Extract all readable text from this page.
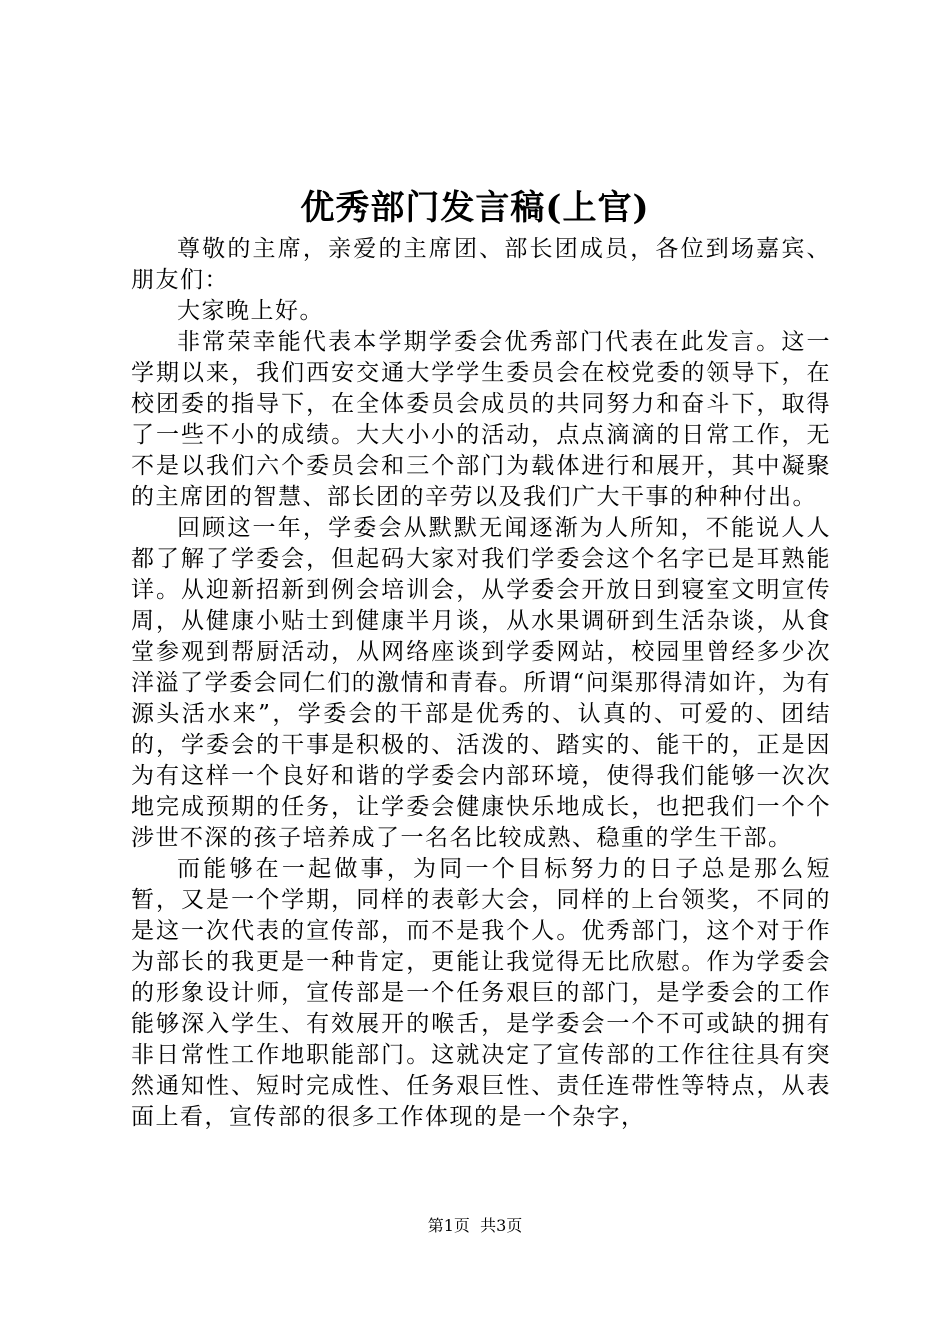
优秀部门发言稿(上官)

尊敬的主席，亲爱的主席团、部长团成员，各位到场嘉宾、朋友们：

大家晚上好。

非常荣幸能代表本学期学委会优秀部门代表在此发言。这一学期以来，我们西安交通大学学生委员会在校党委的领导下，在校团委的指导下，在全体委员会成员的共同努力和奋斗下，取得了一些不小的成绩。大大小小的活动，点点滴滴的日常工作，无不是以我们六个委员会和三个部门为载体进行和展开，其中凝聚的主席团的智慧、部长团的辛劳以及我们广大干事的种种付出。

回顾这一年，学委会从默默无闻逐渐为人所知，不能说人人都了解了学委会，但起码大家对我们学委会这个名字已是耳熟能详。从迎新招新到例会培训会，从学委会开放日到寝室文明宣传周，从健康小贴士到健康半月谈，从水果调研到生活杂谈，从食堂参观到帮厨活动，从网络座谈到学委网站，校园里曾经多少次洋溢了学委会同仁们的激情和青春。所谓“问渠那得清如许，为有源头活水来”，学委会的干部是优秀的、认真的、可爱的、团结的，学委会的干事是积极的、活泼的、踏实的、能干的，正是因为有这样一个良好和谐的学委会内部环境，使得我们能够一次次地完成预期的任务，让学委会健康快乐地成长，也把我们一个个涉世不深的孩子培养成了一名名比较成熟、稳重的学生干部。

而能够在一起做事，为同一个目标努力的日子总是那么短暂，又是一个学期，同样的表彰大会，同样的上台领奖，不同的是这一次代表的宣传部，而不是我个人。优秀部门，这个对于作为部长的我更是一种肯定，更能让我觉得无比欣慰。作为学委会的形象设计师，宣传部是一个任务艰巨的部门，是学委会的工作能够深入学生、有效展开的喉舌，是学委会一个不可或缺的拥有非日常性工作地职能部门。这就决定了宣传部的工作往往具有突然通知性、短时完成性、任务艰巨性、责任连带性等特点，从表面上看，宣传部的很多工作体现的是一个杂字，

第1页  共3页
